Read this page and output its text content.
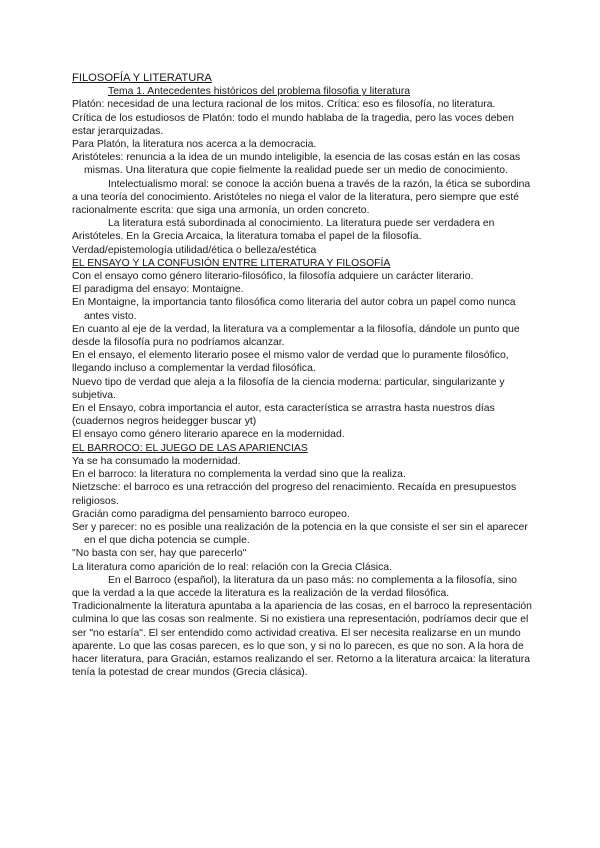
FILOSOFÍA Y LITERATURA

Tema 1. Antecedentes históricos del problema filosofia y literatura

Platón: necesidad de una lectura racional de los mitos. Crítica: eso es filosofía, no literatura.

Crítica de los estudiosos de Platón: todo el mundo hablaba de la tragedia, pero las voces deben estar jerarquizadas.

Para Platón, la literatura nos acerca a la democracia.

Aristóteles: renuncia a la idea de un mundo inteligible, la esencia de las cosas están en las cosas mismas. Una literatura que copie fielmente la realidad puede ser un medio de conocimiento.

Intelectualismo moral: se conoce la acción buena a través de la razón, la ética se subordina a una teoría del conocimiento. Aristóteles no niega el valor de la literatura, pero siempre que esté racionalmente escrita: que siga una armonía, un orden concreto.

La literatura está subordinada al conocimiento. La literatura puede ser verdadera en Aristóteles. En la Grecia Arcaica, la literatura tomaba el papel de la filosofía.

Verdad/epistemología utilidad/ética o belleza/estética

EL ENSAYO Y LA CONFUSIÓN ENTRE LITERATURA Y FILOSOFÍA

Con el ensayo como género literario-filosófico, la filosofía adquiere un carácter literario.

El paradigma del ensayo: Montaigne.

En Montaigne, la importancia tanto filosófica como literaria del autor cobra un papel como nunca antes visto.

En cuanto al eje de la verdad, la literatura va a complementar a la filosofía, dándole un punto que desde la filosofía pura no podríamos alcanzar.

En el ensayo, el elemento literario posee el mismo valor de verdad que lo puramente filosófico, llegando incluso a complementar la verdad filosófica.

Nuevo tipo de verdad que aleja a la filosofía de la ciencia moderna: particular, singularizante y subjetiva.

En el Ensayo, cobra importancia el autor, esta característica se arrastra hasta nuestros días (cuadernos negros heidegger buscar yt)

El ensayo como género literario aparece en la modernidad.

EL BARROCO: EL JUEGO DE LAS APARIENCIAS

Ya se ha consumado la modernidad.

En el barroco: la literatura no complementa la verdad sino que la realiza.

Nietzsche: el barroco es una retracción del progreso del renacimiento. Recaída en presupuestos religiosos.

Gracián como paradigma del pensamiento barroco europeo.

Ser y parecer: no es posible una realización de la potencia en la que consiste el ser sin el aparecer en el que dicha potencia se cumple.

"No basta con ser, hay que parecerlo"

La literatura como aparición de lo real: relación con la Grecia Clásica.

En el Barroco (español), la literatura da un paso más: no complementa a la filosofía, sino que la verdad a la que accede la literatura es la realización de la verdad filosófica.

Tradicionalmente la literatura apuntaba a la apariencia de las cosas, en el barroco la representación culmina lo que las cosas son realmente. Si no existiera una representación, podríamos decir que el ser "no estaría". El ser entendido como actividad creativa. El ser necesita realizarse en un mundo aparente. Lo que las cosas parecen, es lo que son, y si no lo parecen, es que no son. A la hora de hacer literatura, para Gracián, estamos realizando el ser. Retorno a la literatura arcaica: la literatura tenía la potestad de crear mundos (Grecia clásica).
